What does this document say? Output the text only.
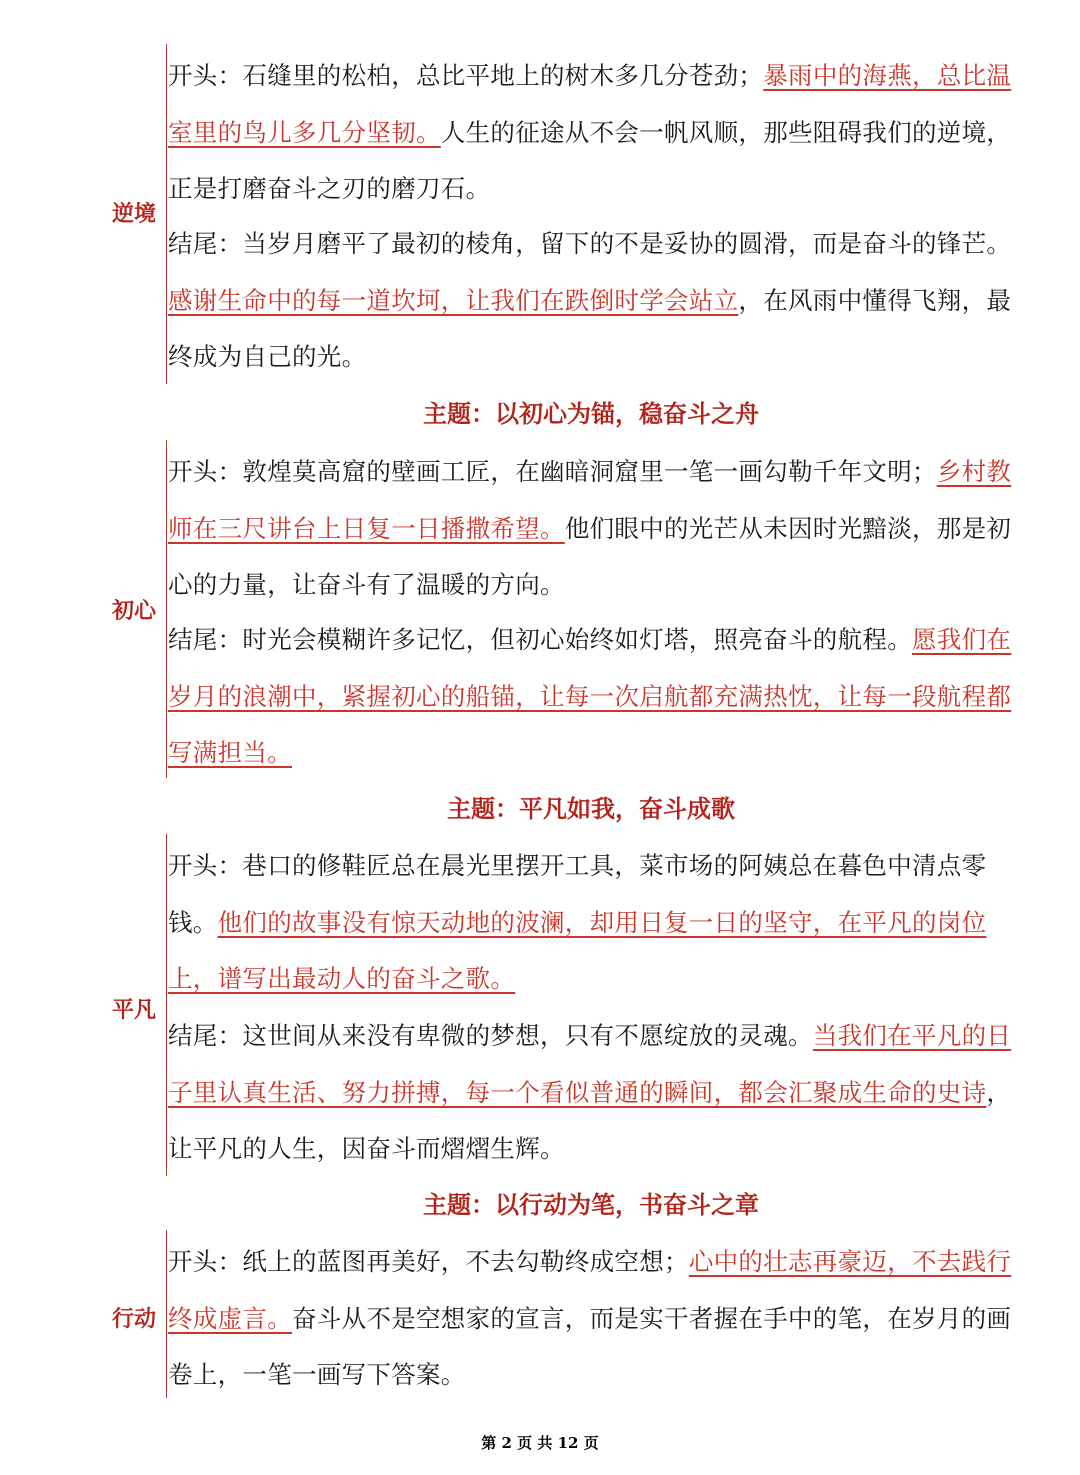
逆境

开头：石缝里的松柏，总比平地上的树木多几分苍劲；暴雨中的海燕，总比温室里的鸟儿多几分坚韧。人生的征途从不会一帆风顺，那些阻碍我们的逆境，正是打磨奋斗之刃的磨刀石。

结尾：当岁月磨平了最初的棱角，留下的不是妥协的圆滑，而是奋斗的锋芒。感谢生命中的每一道坎坷，让我们在跌倒时学会站立，在风雨中懂得飞翔，最终成为自己的光。

主题：以初心为锚，稳奋斗之舟
初心

开头：敦煌莫高窟的壁画工匠，在幽暗洞窟里一笔一画勾勒千年文明；乡村教师在三尺讲台上日复一日播撒希望。他们眼中的光芒从未因时光黯淡，那是初心的力量，让奋斗有了温暖的方向。

结尾：时光会模糊许多记忆，但初心始终如灯塔，照亮奋斗的航程。愿我们在岁月的浪潮中，紧握初心的船锚，让每一次启航都充满热忱，让每一段航程都写满担当。

主题：平凡如我，奋斗成歌
平凡

开头：巷口的修鞋匠总在晨光里摆开工具，菜市场的阿姨总在暮色中清点零钱。他们的故事没有惊天动地的波澜，却用日复一日的坚守，在平凡的岗位上，谱写出最动人的奋斗之歌。

结尾：这世间从来没有卑微的梦想，只有不愿绽放的灵魂。当我们在平凡的日子里认真生活、努力拼搏，每一个看似普通的瞬间，都会汇聚成生命的史诗，让平凡的人生，因奋斗而熠熠生辉。

主题：以行动为笔，书奋斗之章
行动

开头：纸上的蓝图再美好，不去勾勒终成空想；心中的壮志再豪迈，不去践行终成虚言。奋斗从不是空想家的宣言，而是实干者握在手中的笔，在岁月的画卷上，一笔一画写下答案。

第 2 页 共 12 页
